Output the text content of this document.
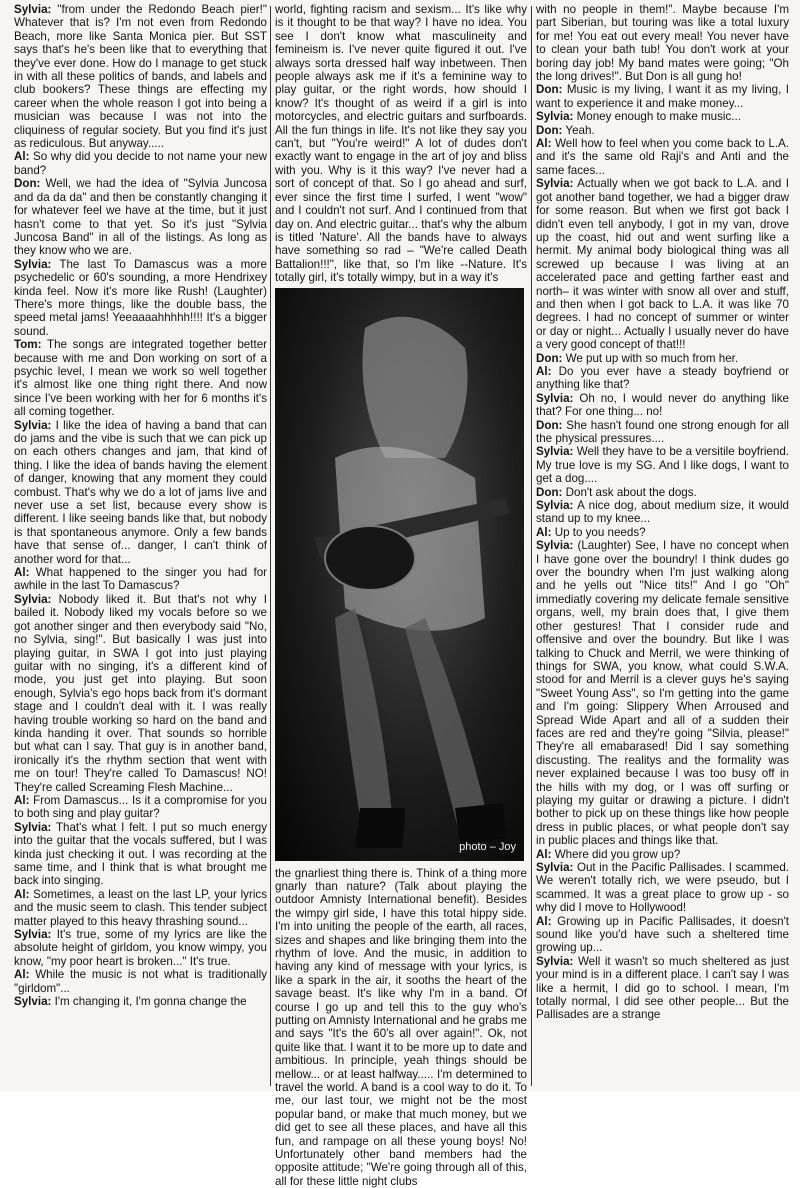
Sylvia: "from under the Redondo Beach pier!" Whatever that is? I'm not even from Redondo Beach, more like Santa Monica pier. But SST says that's he's been like that to everything that they've ever done. How do I manage to get stuck in with all these politics of bands, and labels and club bookers? These things are effecting my career when the whole reason I got into being a musician was because I was not into the cliquiness of regular society. But you find it's just as rediculous. But anyway.....

Al: So why did you decide to not name your new band?

Don: Well, we had the idea of "Sylvia Juncosa and da da da" and then be constantly changing it for whatever feel we have at the time, but it just hasn't come to that yet. So it's just "Sylvia Juncosa Band" in all of the listings. As long as they know who we are.

Sylvia: The last To Damascus was a more psychedelic or 60's sounding, a more Hendrixey kinda feel. Now it's more like Rush! (Laughter) There's more things, like the double bass, the speed metal jams! Yeeaaaahhhhh!!!! It's a bigger sound.

Tom: The songs are integrated together better because with me and Don working on sort of a psychic level, I mean we work so well together it's almost like one thing right there. And now since I've been working with her for 6 months it's all coming together.

Sylvia: I like the idea of having a band that can do jams and the vibe is such that we can pick up on each others changes and jam, that kind of thing. I like the idea of bands having the element of danger, knowing that any moment they could combust. That's why we do a lot of jams live and never use a set list, because every show is different. I like seeing bands like that, but nobody is that spontaneous anymore. Only a few bands have that sense of... danger, I can't think of another word for that...

Al: What happened to the singer you had for awhile in the last To Damascus?

Sylvia: Nobody liked it. But that's not why I bailed it. Nobody liked my vocals before so we got another singer and then everybody said "No, no Sylvia, sing!". But basically I was just into playing guitar, in SWA I got into just playing guitar with no singing, it's a different kind of mode, you just get into playing. But soon enough, Sylvia's ego hops back from it's dormant stage and I couldn't deal with it. I was really having trouble working so hard on the band and kinda handing it over. That sounds so horrible but what can I say. That guy is in another band, ironically it's the rhythm section that went with me on tour! They're called To Damascus! NO! They're called Screaming Flesh Machine...

Al: From Damascus... Is it a compromise for you to both sing and play guitar?

Sylvia: That's what I felt. I put so much energy into the guitar that the vocals suffered, but I was kinda just checking it out. I was recording at the same time, and I think that is what brought me back into singing.

Al: Sometimes, a least on the last LP, your lyrics and the music seem to clash. This tender subject matter played to this heavy thrashing sound...

Sylvia: It's true, some of my lyrics are like the absolute height of girldom, you know wimpy, you know, "my poor heart is broken..." It's true.

Al: While the music is not what is traditionally "girldom"...

Sylvia: I'm changing it, I'm gonna change the

world, fighting racism and sexism... It's like why is it thought to be that way? I have no idea. You see I don't know what masculineity and femineism is. I've never quite figured it out. I've always sorta dressed half way inbetween. Then people always ask me if it's a feminine way to play guitar, or the right words, how should I know? It's thought of as weird if a girl is into motorcycles, and electric guitars and surfboards. All the fun things in life. It's not like they say you can't, but "You're weird!" A lot of dudes don't exactly want to engage in the art of joy and bliss with you. Why is it this way? I've never had a sort of concept of that. So I go ahead and surf, ever since the first time I surfed, I went "wow" and I couldn't not surf. And I continued from that day on. And electric guitar... that's why the album is titled 'Nature'. All the bands have to always have something so rad – "We're called Death Battalion!!!", like that, so I'm like --Nature. It's totally girl, it's totally wimpy, but in a way it's

photo – Joy

the gnarliest thing there is. Think of a thing more gnarly than nature? (Talk about playing the outdoor Amnisty International benefit). Besides the wimpy girl side, I have this total hippy side. I'm into uniting the people of the earth, all races, sizes and shapes and like bringing them into the rhythm of love. And the music, in addition to having any kind of message with your lyrics, is like a spark in the air, it sooths the heart of the savage beast. It's like why I'm in a band. Of course I go up and tell this to the guy who's putting on Amnisty International and he grabs me and says "It's the 60's all over again!". Ok, not quite like that. I want it to be more up to date and ambitious. In principle, yeah things should be mellow... or at least halfway..... I'm determined to travel the world. A band is a cool way to do it. To me, our last tour, we might not be the most popular band, or make that much money, but we did get to see all these places, and have all this fun, and rampage on all these young boys! No! Unfortunately other band members had the opposite attitude; "We're going through all of this, all for these little night clubs

with no people in them!". Maybe because I'm part Siberian, but touring was like a total luxury for me! You eat out every meal! You never have to clean your bath tub! You don't work at your boring day job! My band mates were going; "Oh the long drives!". But Don is all gung ho!

Don: Music is my living, I want it as my living, I want to experience it and make money...

Sylvia: Money enough to make music...

Don: Yeah.

Al: Well how to feel when you come back to L.A. and it's the same old Raji's and Anti and the same faces...

Sylvia: Actually when we got back to L.A. and I got another band together, we had a bigger draw for some reason. But when we first got back I didn't even tell anybody, I got in my van, drove up the coast, hid out and went surfing like a hermit. My animal body biological thing was all screwed up because I was living at an accelerated pace and getting farther east and north– it was winter with snow all over and stuff, and then when I got back to L.A. it was like 70 degrees. I had no concept of summer or winter or day or night... Actually I usually never do have a very good concept of that!!!

Don: We put up with so much from her.

Al: Do you ever have a steady boyfriend or anything like that?

Sylvia: Oh no, I would never do anything like that? For one thing... no!

Don: She hasn't found one strong enough for all the physical pressures....

Sylvia: Well they have to be a versitile boyfriend. My true love is my SG. And I like dogs, I want to get a dog....

Don: Don't ask about the dogs.

Sylvia: A nice dog, about medium size, it would stand up to my knee...

Al: Up to you needs?

Sylvia: (Laughter) See, I have no concept when I have gone over the boundry! I think dudes go over the boundry when I'm just walking along and he yells out "Nice tits!" And I go "Oh" immediatly covering my delicate female sensitive organs, well, my brain does that, I give them other gestures! That I consider rude and offensive and over the boundry. But like I was talking to Chuck and Merril, we were thinking of things for SWA, you know, what could S.W.A. stood for and Merril is a clever guys he's saying "Sweet Young Ass", so I'm getting into the game and I'm going: Slippery When Arroused and Spread Wide Apart and all of a sudden their faces are red and they're going "Silvia, please!" They're all emabarased! Did I say something discusting. The realitys and the formality was never explained because I was too busy off in the hills with my dog, or I was off surfing or playing my guitar or drawing a picture. I didn't bother to pick up on these things like how people dress in public places, or what people don't say in public places and things like that.

Al: Where did you grow up?

Sylvia: Out in the Pacific Pallisades. I scammed. We weren't totally rich, we were pseudo, but I scammed. It was a great place to grow up - so why did I move to Hollywood!

Al: Growing up in Pacific Pallisades, it doesn't sound like you'd have such a sheltered time growing up...

Sylvia: Well it wasn't so much sheltered as just your mind is in a different place. I can't say I was like a hermit, I did go to school. I mean, I'm totally normal, I did see other people... But the Pallisades are a strange
